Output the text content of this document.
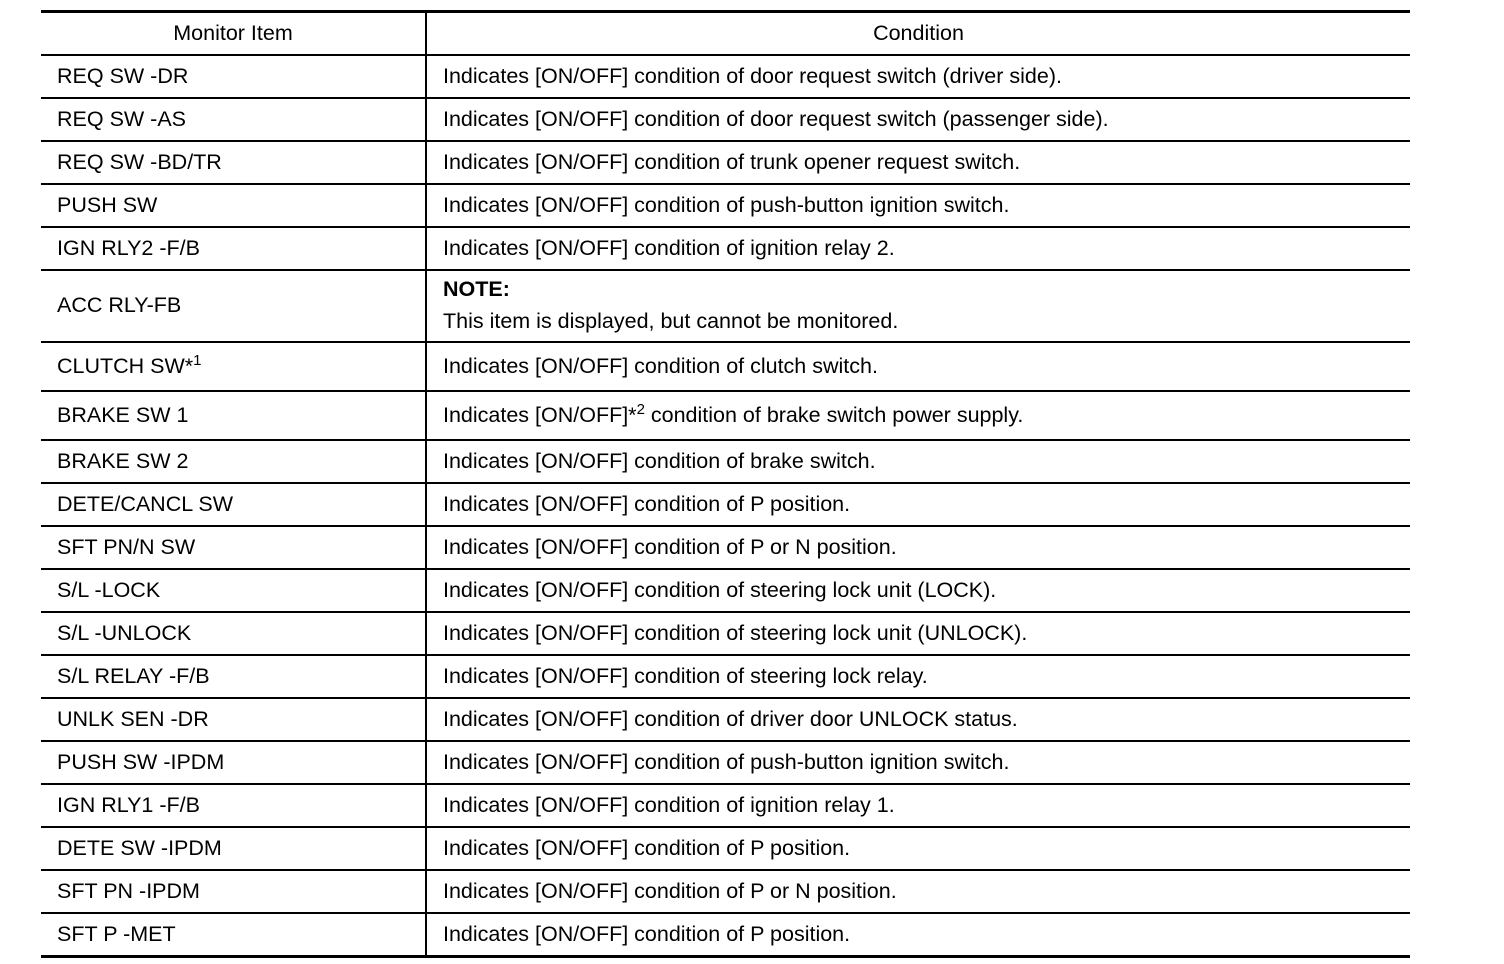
Monitor Item	Condition
REQ SW -DR	Indicates [ON/OFF] condition of door request switch (driver side).
REQ SW -AS	Indicates [ON/OFF] condition of door request switch (passenger side).
REQ SW -BD/TR	Indicates [ON/OFF] condition of trunk opener request switch.
PUSH SW	Indicates [ON/OFF] condition of push-button ignition switch.
IGN RLY2 -F/B	Indicates [ON/OFF] condition of ignition relay 2.
ACC RLY-FB	NOTE:
This item is displayed, but cannot be monitored.

CLUTCH SW*$^1$	Indicates [ON/OFF] condition of clutch switch.
BRAKE SW 1	Indicates [ON/OFF]*$^2$ condition of brake switch power supply.
BRAKE SW 2	Indicates [ON/OFF] condition of brake switch.
DETE/CANCL SW	Indicates [ON/OFF] condition of P position.
SFT PN/N SW	Indicates [ON/OFF] condition of P or N position.
S/L -LOCK	Indicates [ON/OFF] condition of steering lock unit (LOCK).
S/L -UNLOCK	Indicates [ON/OFF] condition of steering lock unit (UNLOCK).
S/L RELAY -F/B	Indicates [ON/OFF] condition of steering lock relay.
UNLK SEN -DR	Indicates [ON/OFF] condition of driver door UNLOCK status.
PUSH SW -IPDM	Indicates [ON/OFF] condition of push-button ignition switch.
IGN RLY1 -F/B	Indicates [ON/OFF] condition of ignition relay 1.
DETE SW -IPDM	Indicates [ON/OFF] condition of P position.
SFT PN -IPDM	Indicates [ON/OFF] condition of P or N position.
SFT P -MET	Indicates [ON/OFF] condition of P position.
